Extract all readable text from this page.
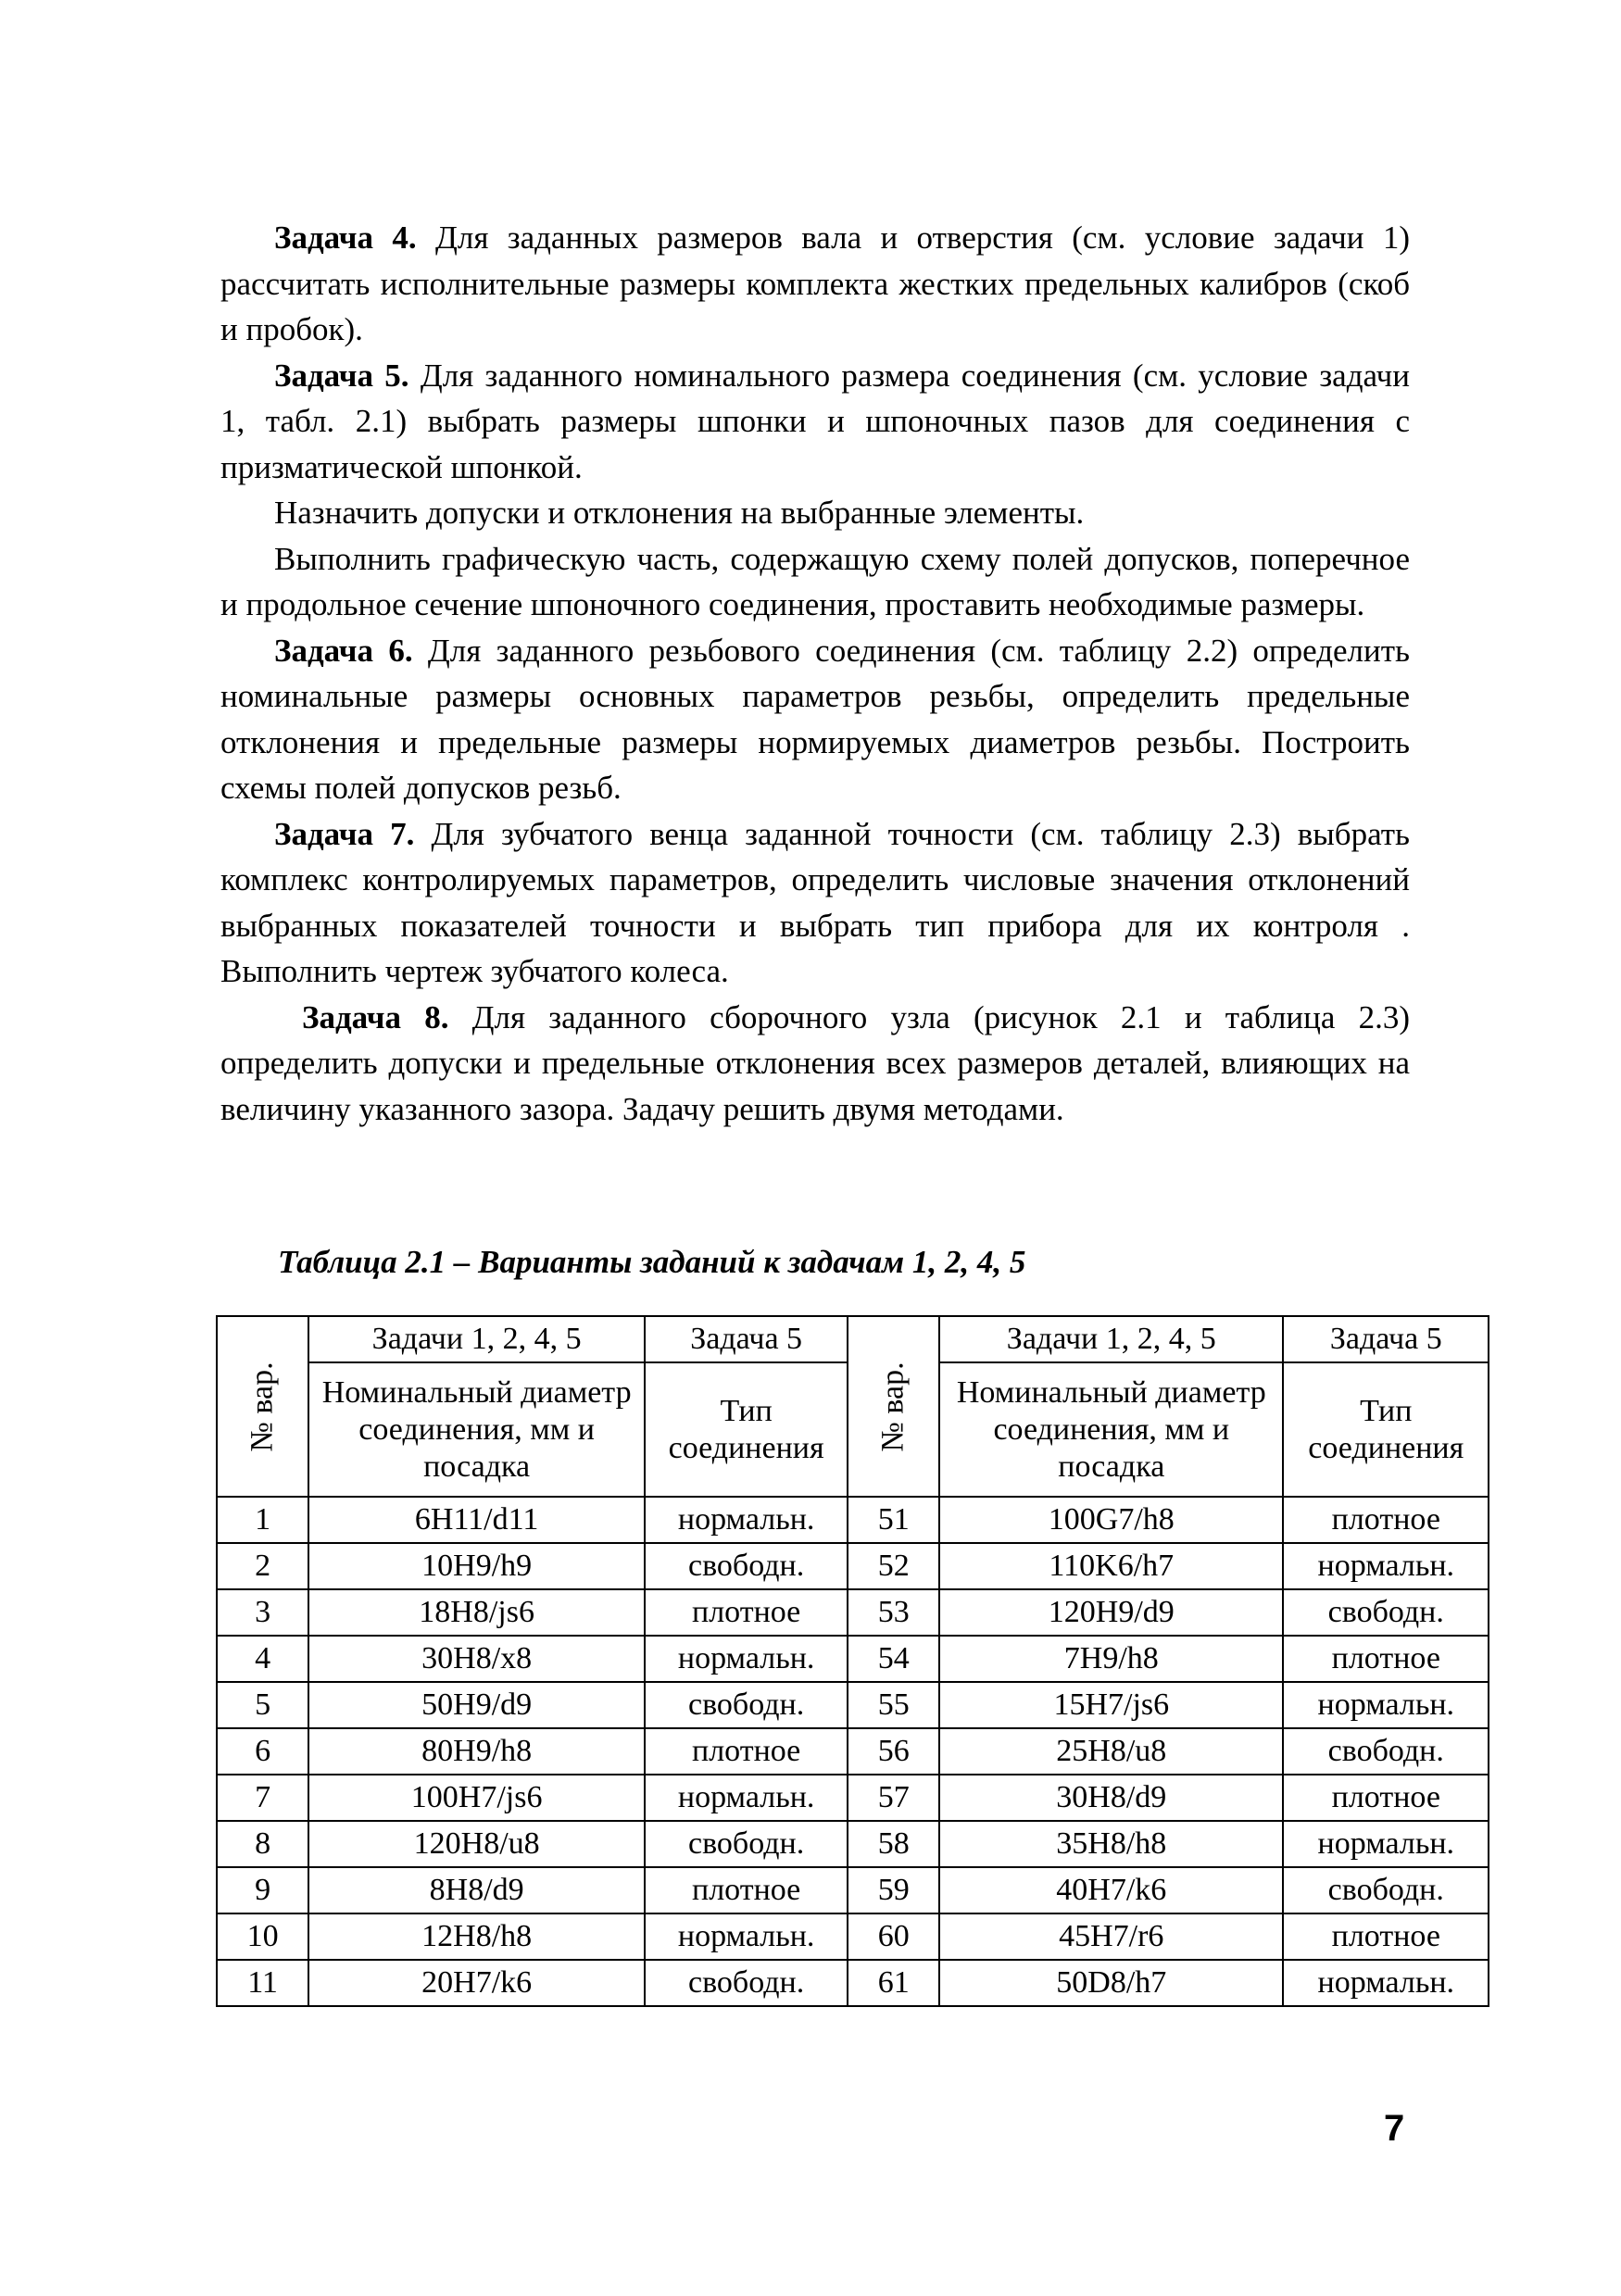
Задача 4. Для заданных размеров вала и отверстия (см. условие задачи 1) рассчитать исполнительные размеры комплекта жестких предельных калибров (скоб и пробок).

Задача 5. Для заданного номинального размера соединения (см. условие задачи 1, табл. 2.1) выбрать размеры шпонки и шпоночных пазов для соединения с призматической шпонкой.

Назначить допуски и отклонения на выбранные элементы.

Выполнить графическую часть, содержащую схему полей допусков, поперечное и продольное сечение шпоночного соединения, проставить необходимые размеры.

Задача 6. Для заданного резьбового соединения (см. таблицу 2.2) определить номинальные размеры основных параметров резьбы, определить предельные отклонения и предельные размеры нормируемых диаметров резьбы. Построить схемы полей допусков резьб.

Задача 7. Для зубчатого венца заданной точности (см. таблицу 2.3) выбрать комплекс контролируемых параметров, определить числовые значения отклонений выбранных показателей точности и выбрать тип прибора для их контроля . Выполнить чертеж зубчатого колеса.

Задача 8. Для заданного сборочного узла (рисунок 2.1 и таблица 2.3) определить допуски и предельные отклонения всех размеров деталей, влияющих на величину указанного зазора. Задачу решить двумя методами.

Таблица 2.1 – Варианты заданий к задачам 1, 2, 4, 5
№ вар.	Задачи 1, 2, 4, 5	Задача 5	№ вар.	Задачи 1, 2, 4, 5	Задача 5
	Номинальный диаметр соединения, мм и посадка	Тип соединения		Номинальный диаметр соединения, мм и посадка	Тип соединения
1	6H11/d11	нормальн.	51	100G7/h8	плотное
2	10H9/h9	свободн.	52	110K6/h7	нормальн.
3	18H8/js6	плотное	53	120H9/d9	свободн.
4	30H8/x8	нормальн.	54	7H9/h8	плотное
5	50H9/d9	свободн.	55	15H7/js6	нормальн.
6	80H9/h8	плотное	56	25H8/u8	свободн.
7	100H7/js6	нормальн.	57	30H8/d9	плотное
8	120H8/u8	свободн.	58	35H8/h8	нормальн.
9	8H8/d9	плотное	59	40H7/k6	свободн.
10	12H8/h8	нормальн.	60	45H7/r6	плотное
11	20H7/k6	свободн.	61	50D8/h7	нормальн.
7
